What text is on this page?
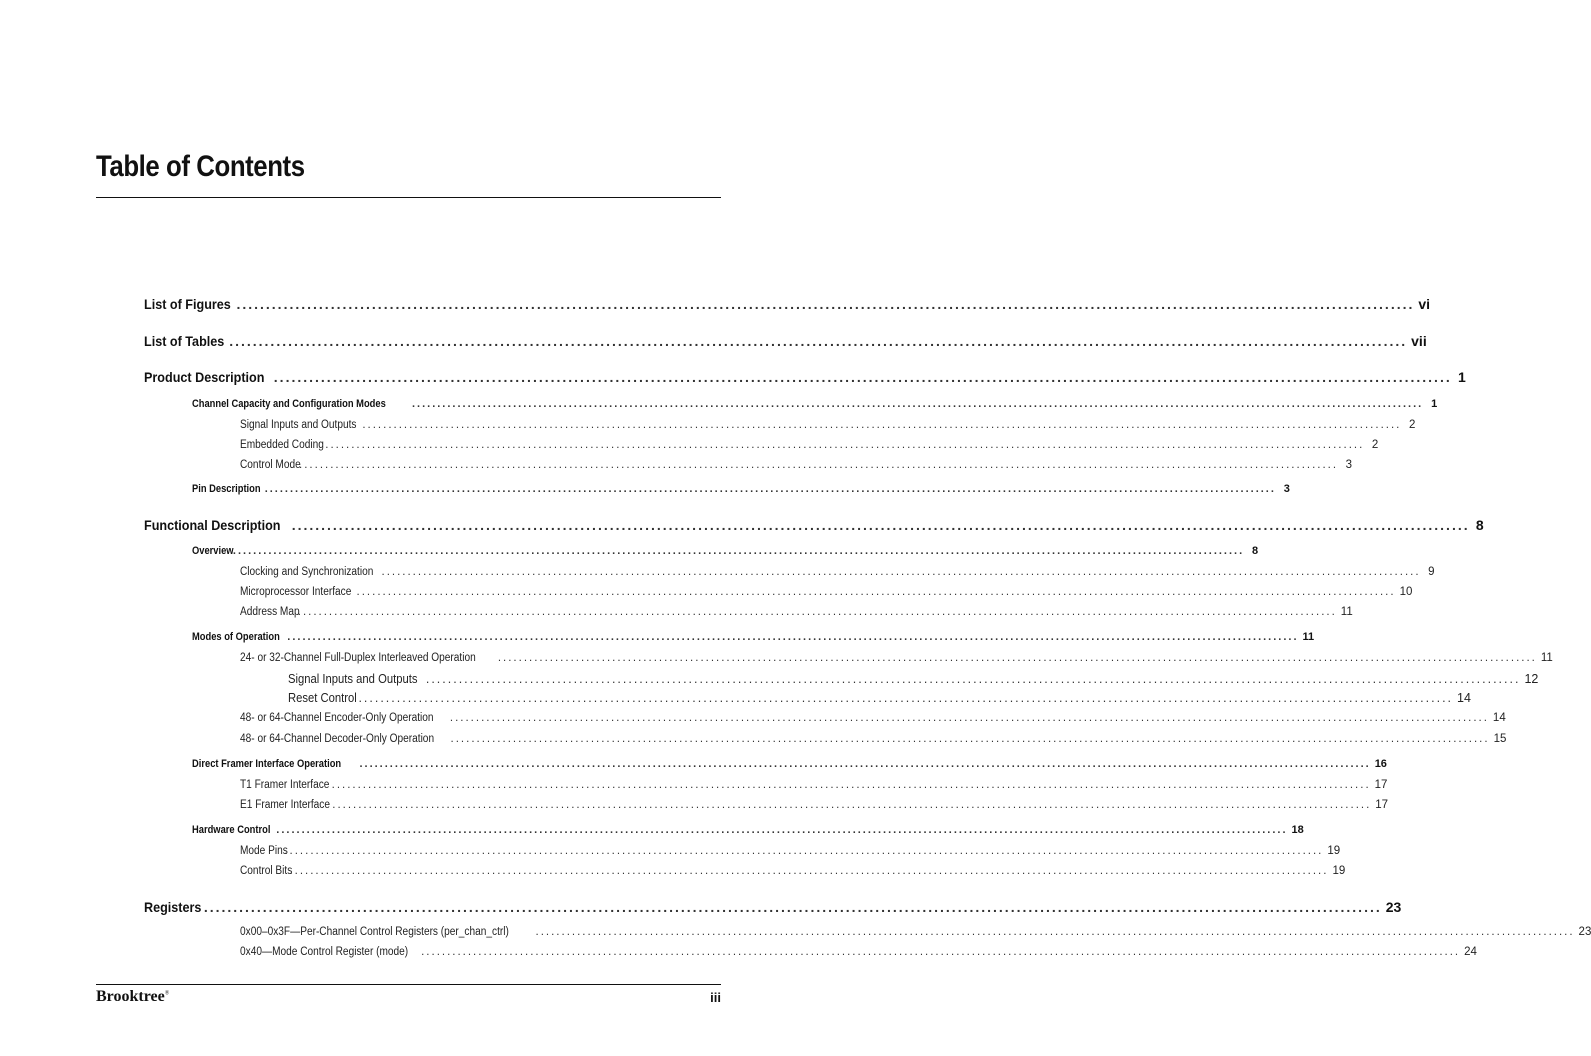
Table of Contents
List of Figures ........................................................................................................................................................................................................ vi
List of Tables ........................................................................................................................................................................................................ vii
Product Description ........................................................................................................................................................................................................ 1
Channel Capacity and Configuration Modes ........................................................................................................................................................................................................ 1
Signal Inputs and Outputs ........................................................................................................................................................................................................ 2
Embedded Coding ........................................................................................................................................................................................................ 2
Control Mode
........................................................................................................................................................................................................ 3
Pin Description ........................................................................................................................................................................................................ 3
Functional Description ........................................................................................................................................................................................................ 8
Overview ........................................................................................................................................................................................................ 8
Clocking and Synchronization ........................................................................................................................................................................................................ 9
Microprocessor Interface ........................................................................................................................................................................................................ 10
Address Map
........................................................................................................................................................................................................ 11
Modes of Operation ........................................................................................................................................................................................................ 11
24- or 32-Channel Full-Duplex Interleaved Operation ........................................................................................................................................................................................................ 11
Signal Inputs and Outputs ........................................................................................................................................................................................................ 12
Reset Control ........................................................................................................................................................................................................ 14
48- or 64-Channel Encoder-Only Operation ........................................................................................................................................................................................................ 14
48- or 64-Channel Decoder-Only Operation ........................................................................................................................................................................................................ 15
Direct Framer Interface Operation ........................................................................................................................................................................................................ 16
T1 Framer Interface ........................................................................................................................................................................................................ 17
E1 Framer Interface ........................................................................................................................................................................................................ 17
Hardware Control ........................................................................................................................................................................................................ 18
Mode Pins
........................................................................................................................................................................................................ 19
Control Bits
........................................................................................................................................................................................................ 19
Registers ........................................................................................................................................................................................................ 23
0x00–0x3F—Per-Channel Control Registers (per_chan_ctrl) ........................................................................................................................................................................................................ 23
0x40—Mode Control Register (mode) ........................................................................................................................................................................................................ 24
Brooktree®	iii
